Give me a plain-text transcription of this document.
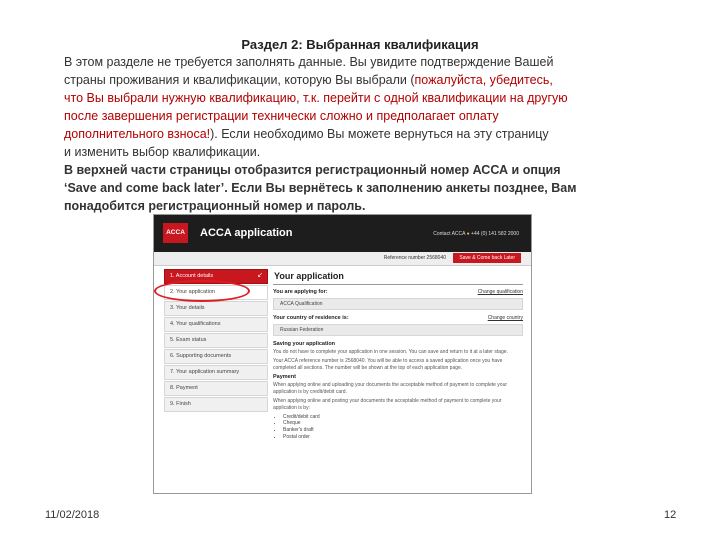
Раздел 2: Выбранная квалификация

В этом разделе не требуется заполнять данные. Вы увидите подтверждение Вашей

страны проживания и квалификации, которую Вы выбрали (пожалуйста, убедитесь,

что Вы выбрали нужную квалификацию, т.к. перейти с одной квалификации на другую

после завершения регистрации технически сложно и предполагает оплату

дополнительного взноса!). Если необходимо Вы можете вернуться на эту страницу

и изменить выбор квалификации.

В верхней части страницы отобразится регистрационный номер АССА и опция

‘Save and come back later’. Если Вы вернётесь к заполнению анкеты позднее, Вам

понадобится регистрационный номер и пароль.

ACCA ACCA application	Contact ACCA ● +44 (0) 141 582 2000
Reference number 2568040	Save & Come back Later
1. Account details ↙
2. Your application
3. Your details
4. Your qualifications
5. Exam status
6. Supporting documents
7. Your application summary
8. Payment
9. Finish
Your application
You are applying for:	Change qualification
ACCA Qualification
Your country of residence is:	Change country
Russian Federation
Saving your application
You do not have to complete your application in one session. You can save and return to it at a later stage.
Your ACCA reference number is 2568040. You will be able to access a saved application once you have completed all sections. The number will be shown at the top of each application page.
Payment
When applying online and uploading your documents the acceptable method of payment to complete your application is by credit/debit card.
When applying online and posting your documents the acceptable method of payment to complete your application is by:
• Credit/debit card
• Cheque
• Banker's draft
• Postal order
11/02/2018	12
